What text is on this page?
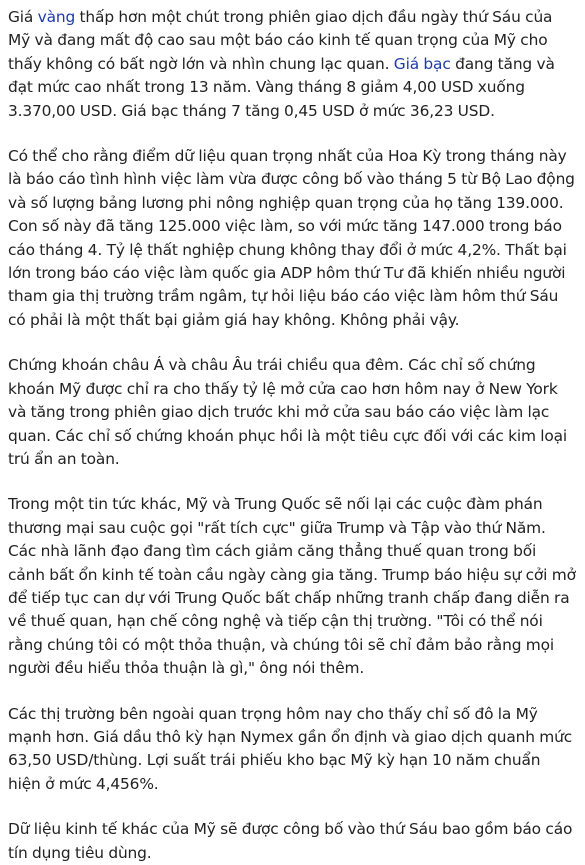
Giá vàng thấp hơn một chút trong phiên giao dịch đầu ngày thứ Sáu của Mỹ và đang mất độ cao sau một báo cáo kinh tế quan trọng của Mỹ cho thấy không có bất ngờ lớn và nhìn chung lạc quan. Giá bạc đang tăng và đạt mức cao nhất trong 13 năm. Vàng tháng 8 giảm 4,00 USD xuống 3.370,00 USD. Giá bạc tháng 7 tăng 0,45 USD ở mức 36,23 USD.

Có thể cho rằng điểm dữ liệu quan trọng nhất của Hoa Kỳ trong tháng này là báo cáo tình hình việc làm vừa được công bố vào tháng 5 từ Bộ Lao động và số lượng bảng lương phi nông nghiệp quan trọng của họ tăng 139.000. Con số này đã tăng 125.000 việc làm, so với mức tăng 147.000 trong báo cáo tháng 4. Tỷ lệ thất nghiệp chung không thay đổi ở mức 4,2%. Thất bại lớn trong báo cáo việc làm quốc gia ADP hôm thứ Tư đã khiến nhiều người tham gia thị trường trầm ngâm, tự hỏi liệu báo cáo việc làm hôm thứ Sáu có phải là một thất bại giảm giá hay không. Không phải vậy.

Chứng khoán châu Á và châu Âu trái chiều qua đêm. Các chỉ số chứng khoán Mỹ được chỉ ra cho thấy tỷ lệ mở cửa cao hơn hôm nay ở New York và tăng trong phiên giao dịch trước khi mở cửa sau báo cáo việc làm lạc quan. Các chỉ số chứng khoán phục hồi là một tiêu cực đối với các kim loại trú ẩn an toàn.

Trong một tin tức khác, Mỹ và Trung Quốc sẽ nối lại các cuộc đàm phán thương mại sau cuộc gọi "rất tích cực" giữa Trump và Tập vào thứ Năm. Các nhà lãnh đạo đang tìm cách giảm căng thẳng thuế quan trong bối cảnh bất ổn kinh tế toàn cầu ngày càng gia tăng. Trump báo hiệu sự cởi mở để tiếp tục can dự với Trung Quốc bất chấp những tranh chấp đang diễn ra về thuế quan, hạn chế công nghệ và tiếp cận thị trường. "Tôi có thể nói rằng chúng tôi có một thỏa thuận, và chúng tôi sẽ chỉ đảm bảo rằng mọi người đều hiểu thỏa thuận là gì," ông nói thêm.

Các thị trường bên ngoài quan trọng hôm nay cho thấy chỉ số đô la Mỹ mạnh hơn. Giá dầu thô kỳ hạn Nymex gần ổn định và giao dịch quanh mức 63,50 USD/thùng. Lợi suất trái phiếu kho bạc Mỹ kỳ hạn 10 năm chuẩn hiện ở mức 4,456%.

Dữ liệu kinh tế khác của Mỹ sẽ được công bố vào thứ Sáu bao gồm báo cáo tín dụng tiêu dùng.
